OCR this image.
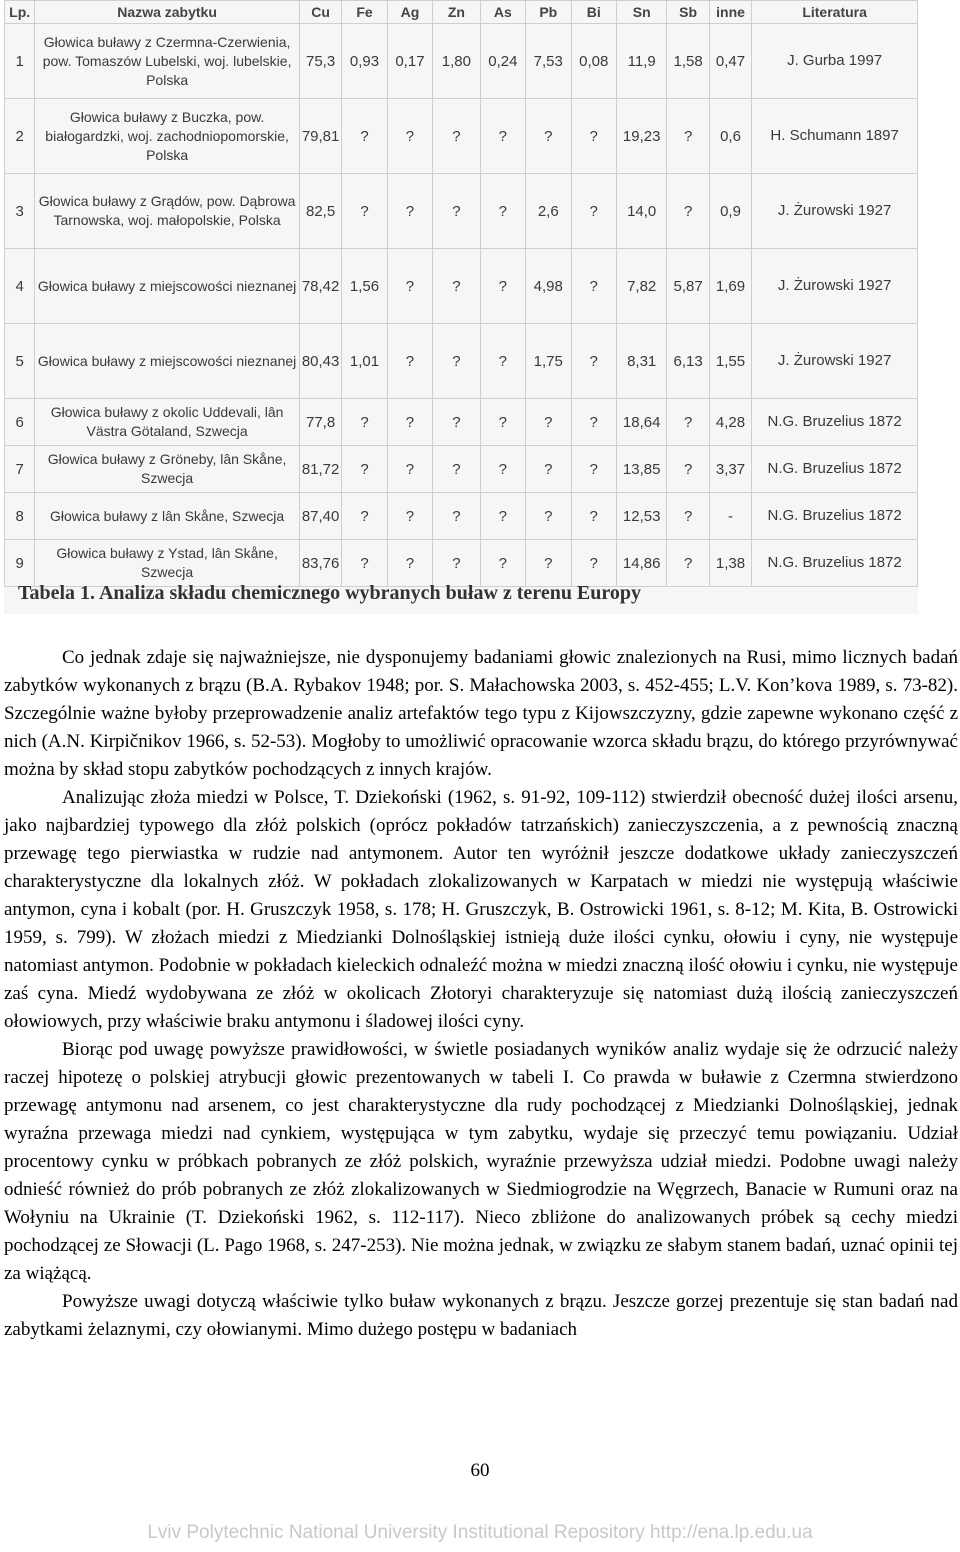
Lp.	Nazwa zabytku	Cu	Fe	Ag	Zn	As	Pb	Bi	Sn	Sb	inne	Literatura
1	Głowica buławy z Czermna-Czerwienia, pow. Tomaszów Lubelski, woj. lubelskie, Polska	75,3	0,93	0,17	1,80	0,24	7,53	0,08	11,9	1,58	0,47	J. Gurba 1997
2	Głowica buławy z Buczka, pow. białogardzki, woj. zachodniopomorskie, Polska	79,81	?	?	?	?	?	?	19,23	?	0,6	H. Schumann 1897
3	Głowica buławy z Grądów, pow. Dąbrowa Tarnowska, woj. małopolskie, Polska	82,5	?	?	?	?	2,6	?	14,0	?	0,9	J. Żurowski 1927
4	Głowica buławy z miejscowości nieznanej	78,42	1,56	?	?	?	4,98	?	7,82	5,87	1,69	J. Żurowski 1927
5	Głowica buławy z miejscowości nieznanej	80,43	1,01	?	?	?	1,75	?	8,31	6,13	1,55	J. Żurowski 1927
6	Głowica buławy z okolic Uddevali, lân Västra Götaland, Szwecja	77,8	?	?	?	?	?	?	18,64	?	4,28	N.G. Bruzelius 1872
7	Głowica buławy z Gröneby, lân Skåne, Szwecja	81,72	?	?	?	?	?	?	13,85	?	3,37	N.G. Bruzelius 1872
8	Głowica buławy z lân Skåne, Szwecja	87,40	?	?	?	?	?	?	12,53	?	-	N.G. Bruzelius 1872
9	Głowica buławy z Ystad, lân Skåne, Szwecja	83,76	?	?	?	?	?	?	14,86	?	1,38	N.G. Bruzelius 1872
Tabela 1. Analiza składu chemicznego wybranych buław z terenu Europy

Co jednak zdaje się najważniejsze, nie dysponujemy badaniami głowic znalezionych na Rusi, mimo licznych badań zabytków wykonanych z brązu (B.A. Rybakov 1948; por. S. Małachowska 2003, s. 452-455; L.V. Kon’kova 1989, s. 73-82). Szczególnie ważne byłoby przeprowadzenie analiz artefaktów tego typu z Kijowszczyzny, gdzie zapewne wykonano część z nich (A.N. Kirpičnikov 1966, s. 52-53). Mogłoby to umożliwić opracowanie wzorca składu brązu, do którego przyrównywać można by skład stopu zabytków pochodzących z innych krajów.

Analizując złoża miedzi w Polsce, T. Dziekoński (1962, s. 91-92, 109-112) stwierdził obecność dużej ilości arsenu, jako najbardziej typowego dla złóż polskich (oprócz pokładów tatrzańskich) zanieczyszczenia, a z pewnością znaczną przewagę tego pierwiastka w rudzie nad antymonem. Autor ten wyróżnił jeszcze dodatkowe układy zanieczyszczeń charakterystyczne dla lokalnych złóż. W pokładach zlokalizowanych w Karpatach w miedzi nie występują właściwie antymon, cyna i kobalt (por. H. Gruszczyk 1958, s. 178; H. Gruszczyk, B. Ostrowicki 1961, s. 8-12; M. Kita, B. Ostrowicki 1959, s. 799). W złożach miedzi z Miedzianki Dolnośląskiej istnieją duże ilości cynku, ołowiu i cyny, nie występuje natomiast antymon. Podobnie w pokładach kieleckich odnaleźć można w miedzi znaczną ilość ołowiu i cynku, nie występuje zaś cyna. Miedź wydobywana ze złóż w okolicach Złotoryi charakteryzuje się natomiast dużą ilością zanieczyszczeń ołowiowych, przy właściwie braku antymonu i śladowej ilości cyny.

Biorąc pod uwagę powyższe prawidłowości, w świetle posiadanych wyników analiz wydaje się że odrzucić należy raczej hipotezę o polskiej atrybucji głowic prezentowanych w tabeli I. Co prawda w buławie z Czermna stwierdzono przewagę antymonu nad arsenem, co jest charakterystyczne dla rudy pochodzącej z Miedzianki Dolnośląskiej, jednak wyraźna przewaga miedzi nad cynkiem, występująca w tym zabytku, wydaje się przeczyć temu powiązaniu. Udział procentowy cynku w próbkach pobranych ze złóż polskich, wyraźnie przewyższa udział miedzi. Podobne uwagi należy odnieść również do prób pobranych ze złóż zlokalizowanych w Siedmiogrodzie na Węgrzech, Banacie w Rumuni oraz na Wołyniu na Ukrainie (T. Dziekoński 1962, s. 112-117). Nieco zbliżone do analizowanych próbek są cechy miedzi pochodzącej ze Słowacji (L. Pago 1968, s. 247-253). Nie można jednak, w związku ze słabym stanem badań, uznać opinii tej za wiążącą.

Powyższe uwagi dotyczą właściwie tylko buław wykonanych z brązu. Jeszcze gorzej prezentuje się stan badań nad zabytkami żelaznymi, czy ołowianymi. Mimo dużego postępu w badaniach

60
Lviv Polytechnic National University Institutional Repository http://ena.lp.edu.ua
